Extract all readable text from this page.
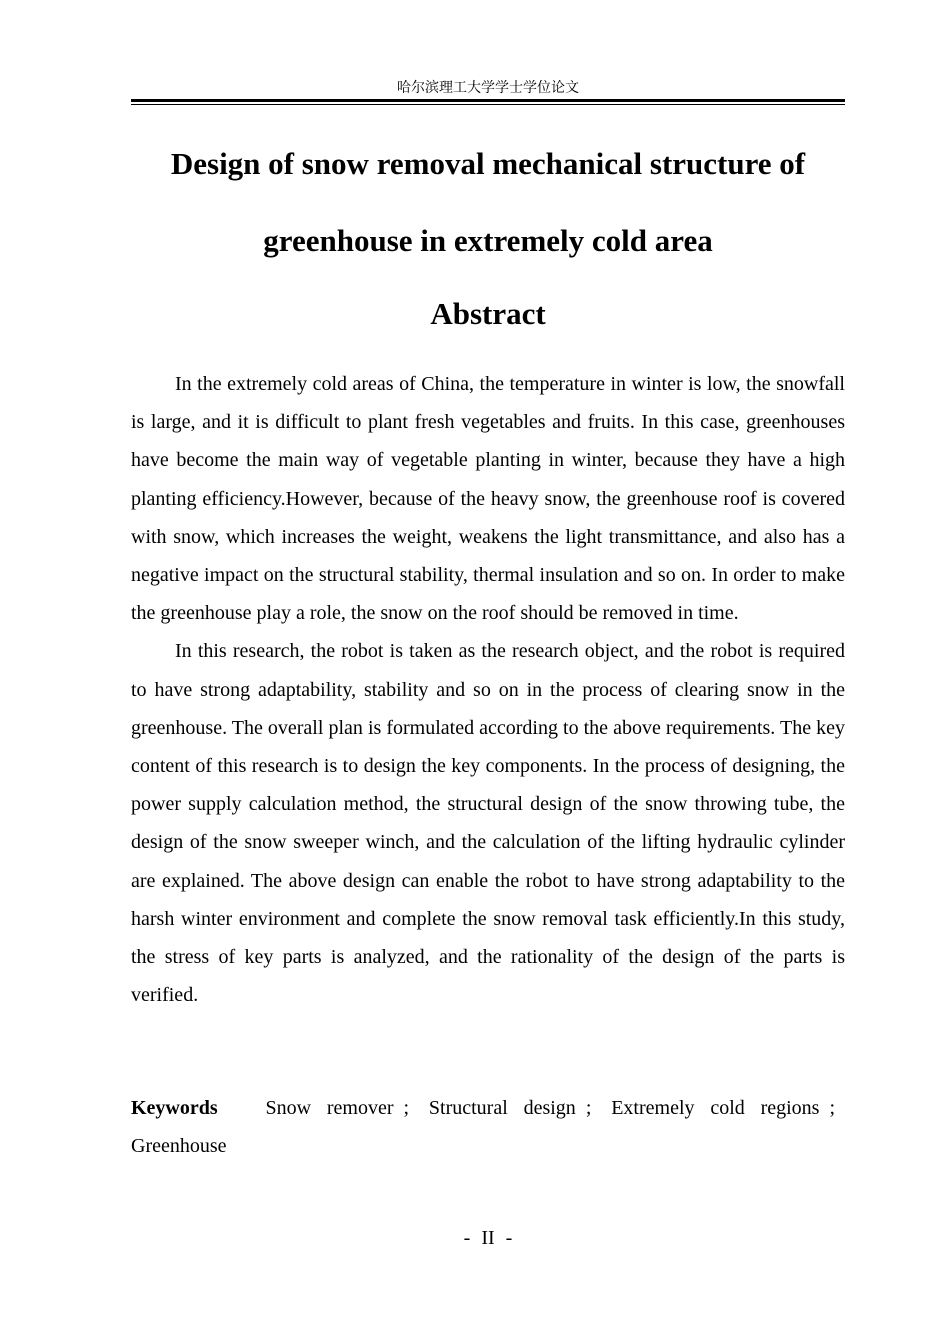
哈尔滨理工大学学士学位论文
Design of snow removal mechanical structure of greenhouse in extremely cold area
Abstract

In the extremely cold areas of China, the temperature in winter is low, the snowfall is large, and it is difficult to plant fresh vegetables and fruits. In this case, greenhouses have become the main way of vegetable planting in winter, because they have a high planting efficiency.However, because of the heavy snow, the greenhouse roof is covered with snow, which increases the weight, weakens the light transmittance, and also has a negative impact on the structural stability, thermal insulation and so on. In order to make the greenhouse play a role, the snow on the roof should be removed in time.

In this research, the robot is taken as the research object, and the robot is required to have strong adaptability, stability and so on in the process of clearing snow in the greenhouse. The overall plan is formulated according to the above requirements. The key content of this research is to design the key components. In the process of designing, the power supply calculation method, the structural design of the snow throwing tube, the design of the snow sweeper winch, and the calculation of the lifting hydraulic cylinder are explained. The above design can enable the robot to have strong adaptability to the harsh winter environment and complete the snow removal task efficiently.In this study, the stress of key parts is analyzed, and the rationality of the design of the parts is verified.

Keywords Snow remover ; Structural design ; Extremely cold regions ; Greenhouse

- II -
